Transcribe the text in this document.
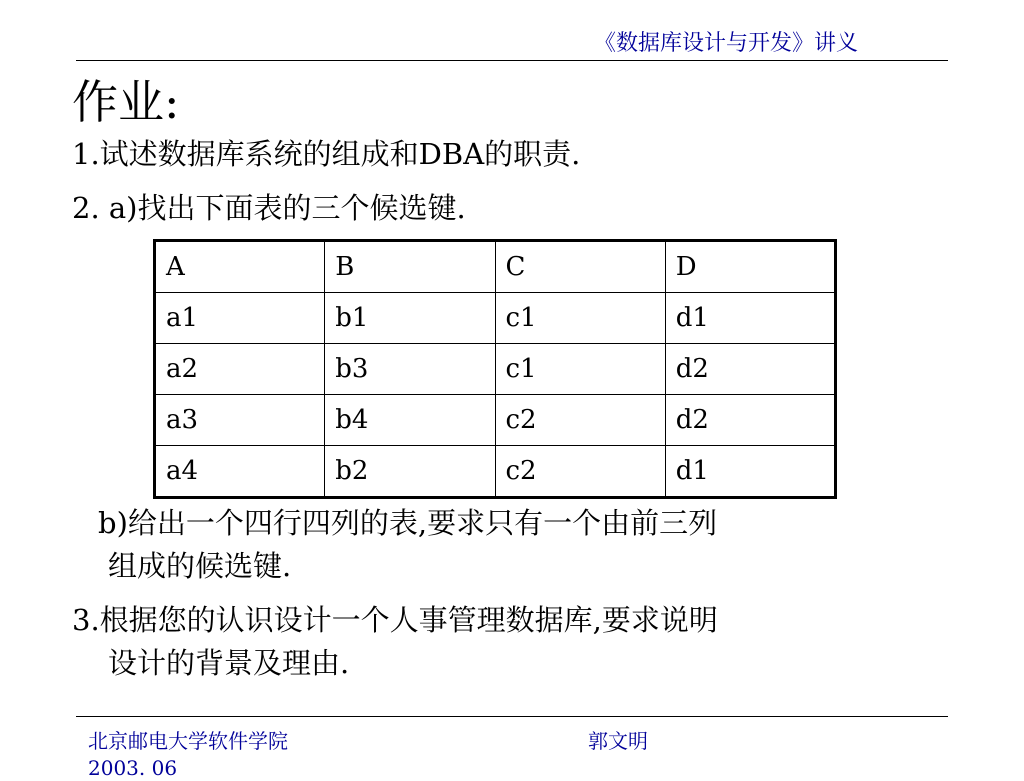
《数据库设计与开发》讲义
作业:
1.试述数据库系统的组成和DBA的职责.
2. a)找出下面表的三个候选键.
A	B	C	D
a1	b1	c1	d1
a2	b3	c1	d2
a3	b4	c2	d2
a4	b2	c2	d1
b)给出一个四行四列的表,要求只有一个由前三列
组成的候选键.
3.根据您的认识设计一个人事管理数据库,要求说明
设计的背景及理由.
北京邮电大学软件学院	郭文明
2003. 06
